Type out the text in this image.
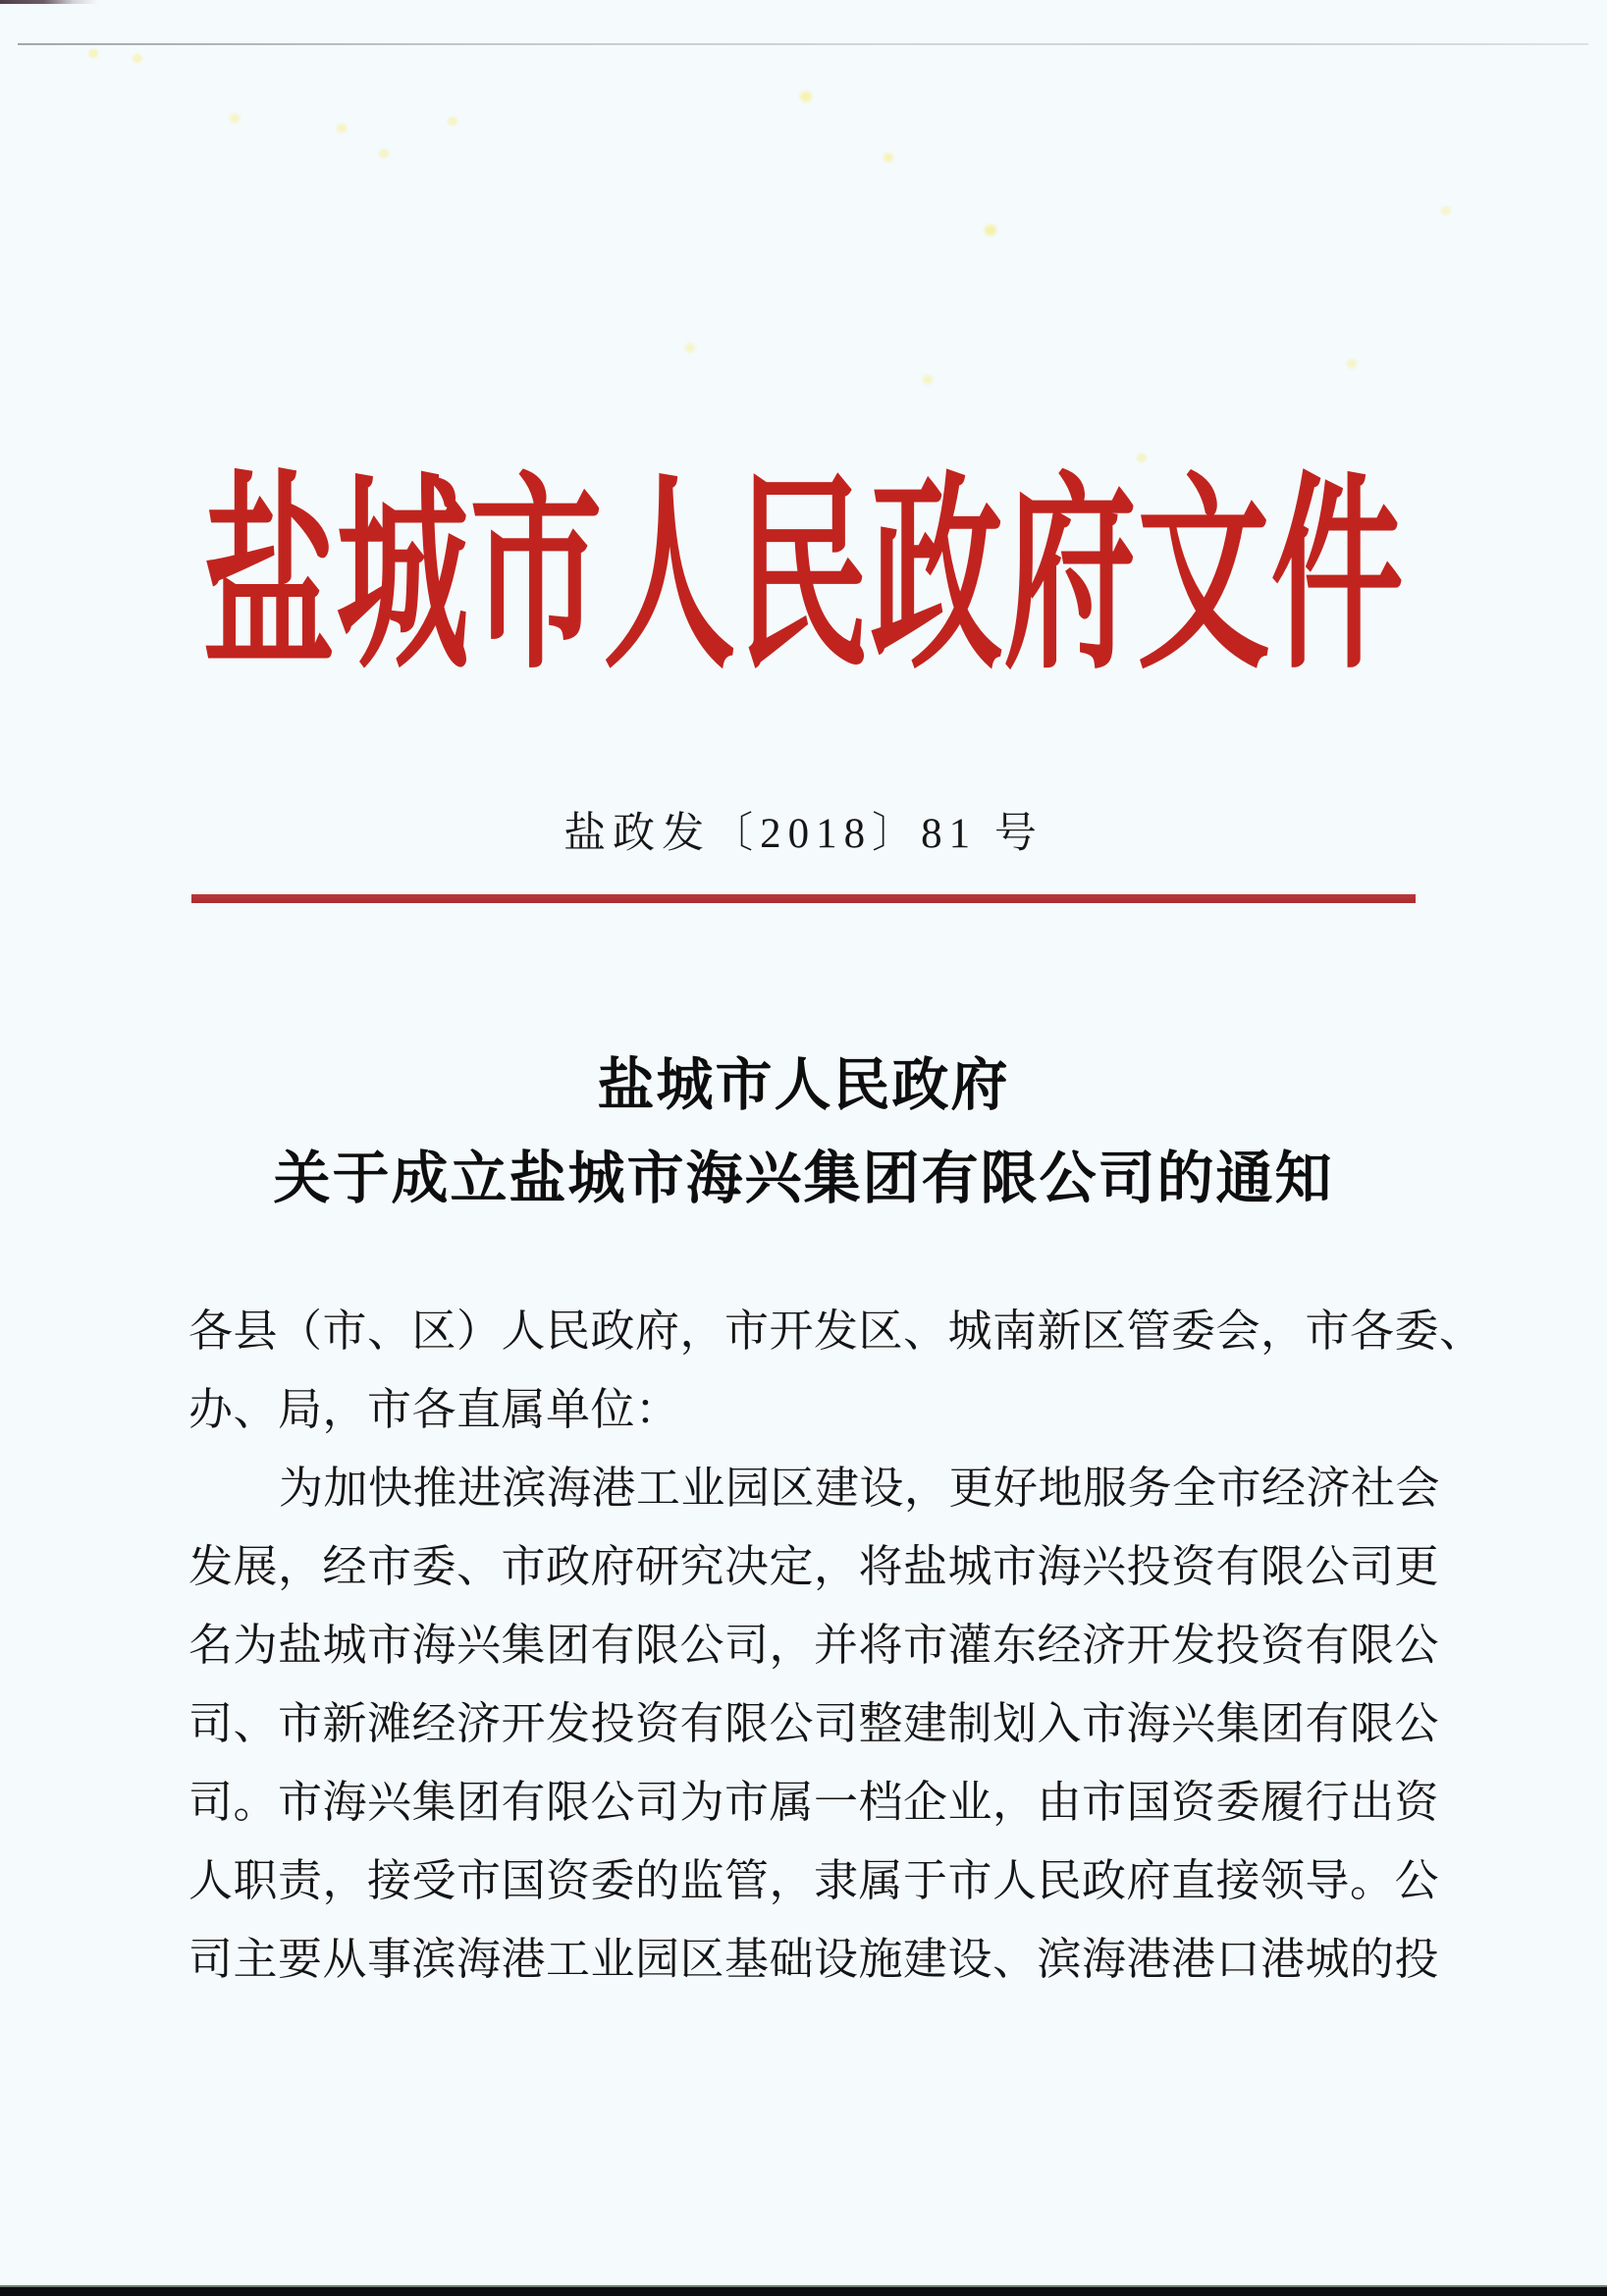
盐城市人民政府文件
盐政发〔2018〕81 号
盐城市人民政府
关于成立盐城市海兴集团有限公司的通知
各县（市、区）人民政府，市开发区、城南新区管委会，市各委、
办、局，市各直属单位：
为加快推进滨海港工业园区建设，更好地服务全市经济社会
发展，经市委、市政府研究决定，将盐城市海兴投资有限公司更
名为盐城市海兴集团有限公司，并将市灌东经济开发投资有限公
司、市新滩经济开发投资有限公司整建制划入市海兴集团有限公
司。市海兴集团有限公司为市属一档企业，由市国资委履行出资
人职责，接受市国资委的监管，隶属于市人民政府直接领导。公
司主要从事滨海港工业园区基础设施建设、滨海港港口港城的投
